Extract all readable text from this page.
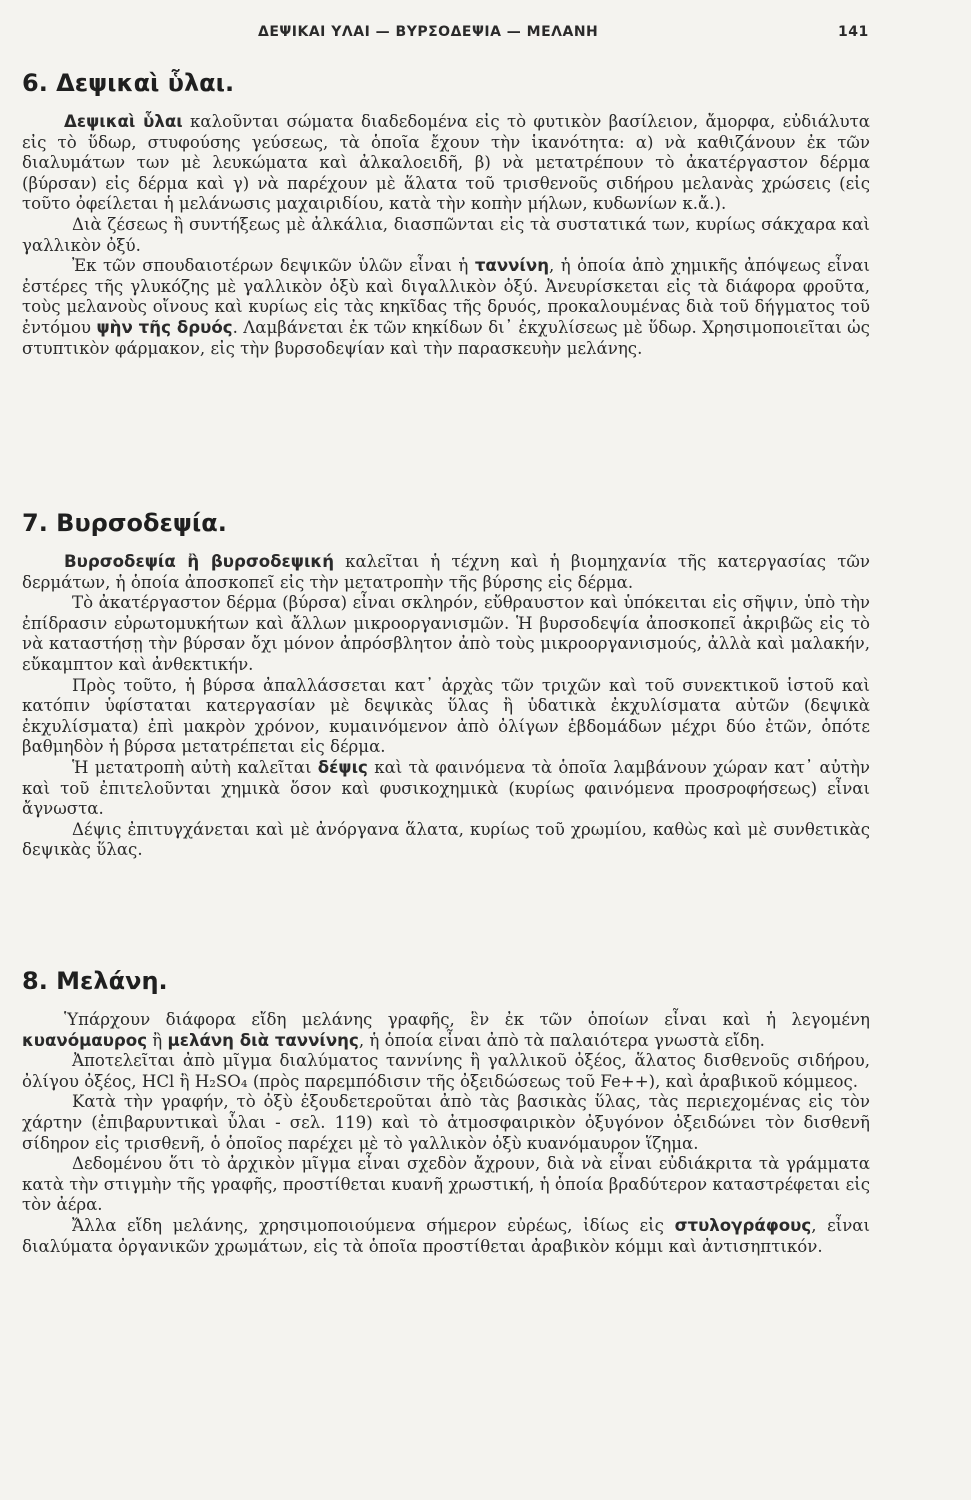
ΔΕΨΙΚΑΙ ΥΛΑΙ — ΒΥΡΣΟΔΕΨΙΑ — ΜΕΛΑΝΗ	141
6. Δεψικαὶ ὗλαι.

Δεψικαὶ ὗλαι καλοῦνται σώματα διαδεδομένα εἰς τὸ φυτικὸν βασίλειον, ἄμορφα, εὐδιάλυτα εἰς τὸ ὕδωρ, στυφούσης γεύσεως, τὰ ὁποῖα ἔχουν τὴν ἱκανότητα: α) νὰ καθιζάνουν ἐκ τῶν διαλυμάτων των μὲ λευκώματα καὶ ἀλκαλοειδῆ, β) νὰ μετατρέπουν τὸ ἀκατέργαστον δέρμα (βύρσαν) εἰς δέρμα καὶ γ) νὰ παρέχουν μὲ ἅλατα τοῦ τρισθενοῦς σιδήρου μελανὰς χρώσεις (εἰς τοῦτο ὀφείλεται ἡ μελάνωσις μαχαιριδίου, κατὰ τὴν κοπὴν μήλων, κυδωνίων κ.ἄ.).

Διὰ ζέσεως ἢ συντήξεως μὲ ἀλκάλια, διασπῶνται εἰς τὰ συστατικά των, κυρίως σάκχαρα καὶ γαλλικὸν ὀξύ.

Ἐκ τῶν σπουδαιοτέρων δεψικῶν ὑλῶν εἶναι ἡ ταννίνη, ἡ ὁποία ἀπὸ χημικῆς ἀπόψεως εἶναι ἐστέρες τῆς γλυκόζης μὲ γαλλικὸν ὀξὺ καὶ διγαλλικὸν ὀξύ. Ἀνευρίσκεται εἰς τὰ διάφορα φροῦτα, τοὺς μελανοὺς οἴνους καὶ κυρίως εἰς τὰς κηκῖδας τῆς δρυός, προκαλουμένας διὰ τοῦ δήγματος τοῦ ἐντόμου ψὴν τῆς δρυός. Λαμβάνεται ἐκ τῶν κηκίδων δι᾽ ἐκχυλίσεως μὲ ὕδωρ. Χρησιμοποιεῖται ὡς στυπτικὸν φάρμακον, εἰς τὴν βυρσοδεψίαν καὶ τὴν παρασκευὴν μελάνης.

7. Βυρσοδεψία.

Βυρσοδεψία ἢ βυρσοδεψική καλεῖται ἡ τέχνη καὶ ἡ βιομηχανία τῆς κατεργασίας τῶν δερμάτων, ἡ ὁποία ἀποσκοπεῖ εἰς τὴν μετατροπὴν τῆς βύρσης εἰς δέρμα.

Τὸ ἀκατέργαστον δέρμα (βύρσα) εἶναι σκληρόν, εὔθραυστον καὶ ὑπόκειται εἰς σῆψιν, ὑπὸ τὴν ἐπίδρασιν εὐρωτομυκήτων καὶ ἄλλων μικροοργανισμῶν. Ἡ βυρσοδεψία ἀποσκοπεῖ ἀκριβῶς εἰς τὸ νὰ καταστήσῃ τὴν βύρσαν ὄχι μόνον ἀπρόσβλητον ἀπὸ τοὺς μικροοργανισμούς, ἀλλὰ καὶ μαλακήν, εὔκαμπτον καὶ ἀνθεκτικήν.

Πρὸς τοῦτο, ἡ βύρσα ἀπαλλάσσεται κατ᾽ ἀρχὰς τῶν τριχῶν καὶ τοῦ συνεκτικοῦ ἱστοῦ καὶ κατόπιν ὑφίσταται κατεργασίαν μὲ δεψικὰς ὕλας ἢ ὑδατικὰ ἐκχυλίσματα αὐτῶν (δεψικὰ ἐκχυλίσματα) ἐπὶ μακρὸν χρόνον, κυμαινόμενον ἀπὸ ὀλίγων ἑβδομάδων μέχρι δύο ἐτῶν, ὁπότε βαθμηδὸν ἡ βύρσα μετατρέπεται εἰς δέρμα.

Ἡ μετατροπὴ αὐτὴ καλεῖται δέψις καὶ τὰ φαινόμενα τὰ ὁποῖα λαμβάνουν χώραν κατ᾽ αὐτὴν καὶ τοῦ ἐπιτελοῦνται χημικὰ ὅσον καὶ φυσικοχημικὰ (κυρίως φαινόμενα προσροφήσεως) εἶναι ἄγνωστα.

Δέψις ἐπιτυγχάνεται καὶ μὲ ἀνόργανα ἅλατα, κυρίως τοῦ χρωμίου, καθὼς καὶ μὲ συνθετικὰς δεψικὰς ὕλας.

8. Μελάνη.

Ὑπάρχουν διάφορα εἴδη μελάνης γραφῆς, ἓν ἐκ τῶν ὁποίων εἶναι καὶ ἡ λεγομένη κυανόμαυρος ἢ μελάνη διὰ ταννίνης, ἡ ὁποία εἶναι ἀπὸ τὰ παλαιότερα γνωστὰ εἴδη.

Ἀποτελεῖται ἀπὸ μῖγμα διαλύματος ταννίνης ἢ γαλλικοῦ ὀξέος, ἅλατος δισθενοῦς σιδήρου, ὀλίγου ὀξέος, HCl ἢ H₂SO₄ (πρὸς παρεμπόδισιν τῆς ὀξειδώσεως τοῦ Fe++), καὶ ἀραβικοῦ κόμμεος.

Κατὰ τὴν γραφήν, τὸ ὀξὺ ἐξουδετεροῦται ἀπὸ τὰς βασικὰς ὕλας, τὰς περιεχομένας εἰς τὸν χάρτην (ἐπιβαρυντικαὶ ὗλαι - σελ. 119) καὶ τὸ ἀτμοσφαιρικὸν ὀξυγόνον ὀξειδώνει τὸν δισθενῆ σίδηρον εἰς τρισθενῆ, ὁ ὁποῖος παρέχει μὲ τὸ γαλλικὸν ὀξὺ κυανόμαυρον ἵζημα.

Δεδομένου ὅτι τὸ ἀρχικὸν μῖγμα εἶναι σχεδὸν ἄχρουν, διὰ νὰ εἶναι εὐδιάκριτα τὰ γράμματα κατὰ τὴν στιγμὴν τῆς γραφῆς, προστίθεται κυανῆ χρωστική, ἡ ὁποία βραδύτερον καταστρέφεται εἰς τὸν ἀέρα.

Ἄλλα εἴδη μελάνης, χρησιμοποιούμενα σήμερον εὐρέως, ἰδίως εἰς στυλογράφους, εἶναι διαλύματα ὀργανικῶν χρωμάτων, εἰς τὰ ὁποῖα προστίθεται ἀραβικὸν κόμμι καὶ ἀντισηπτικόν.
